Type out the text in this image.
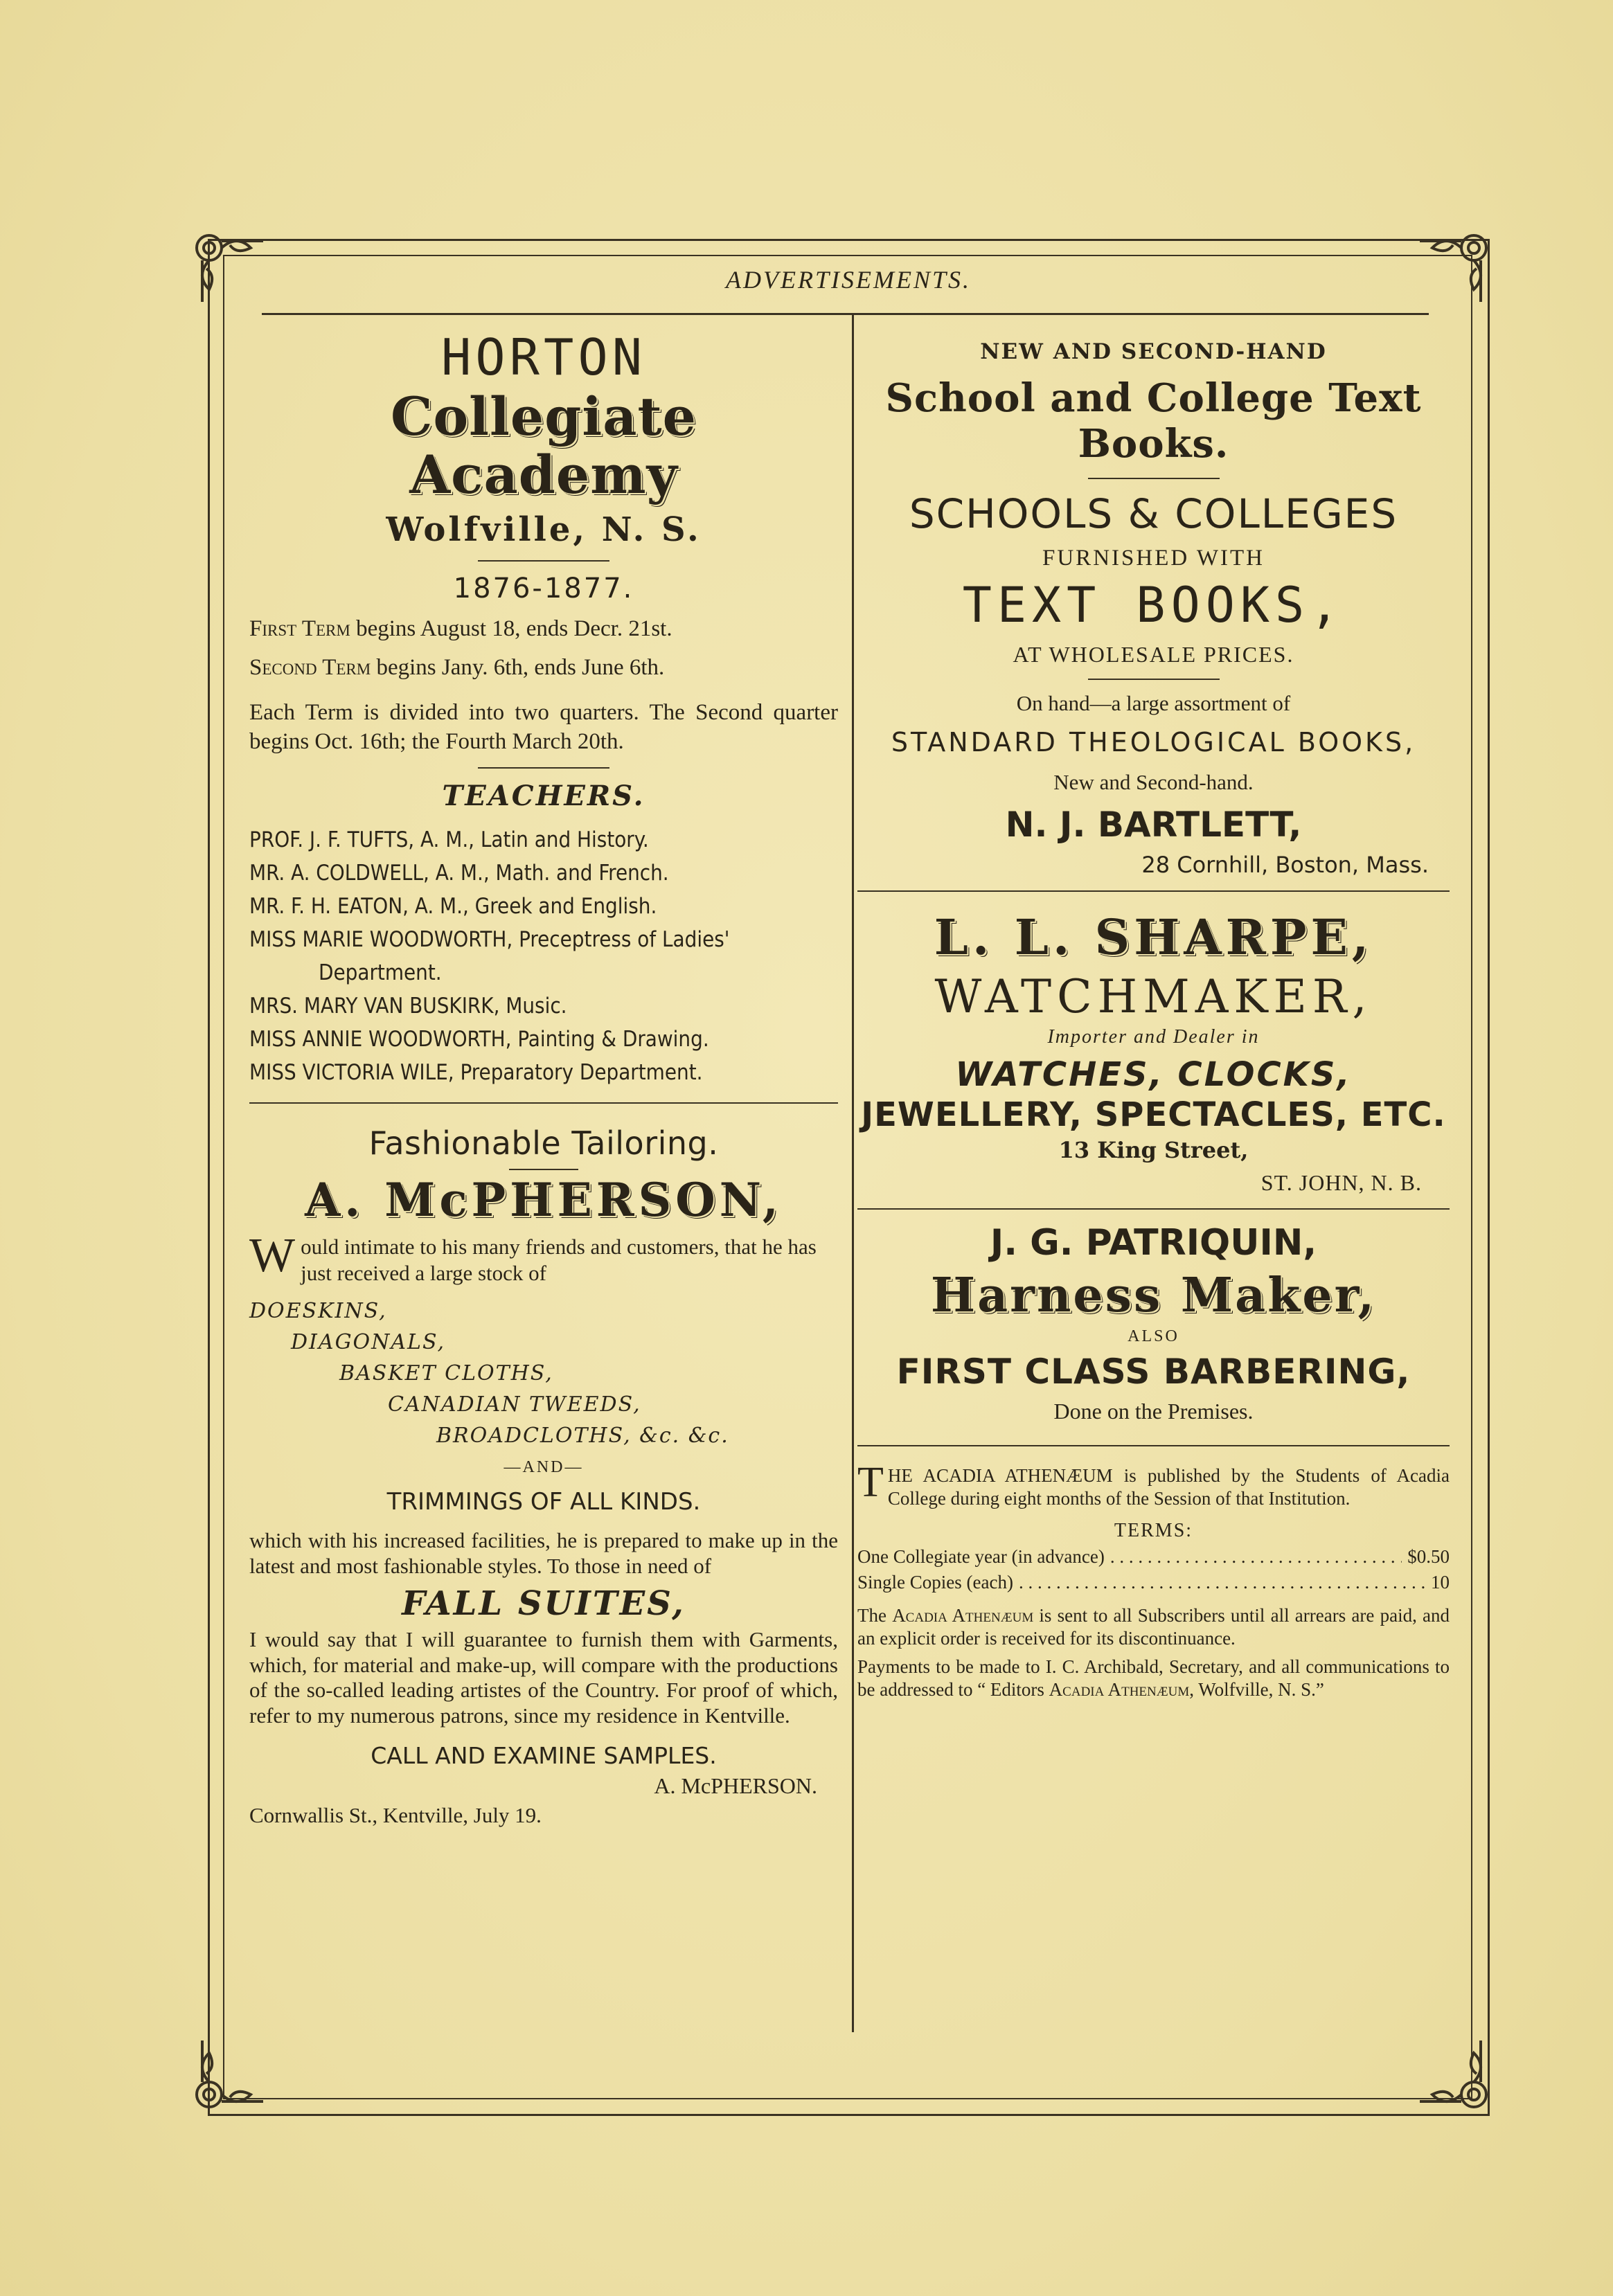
ADVERTISEMENTS.
HORTON
Collegiate Academy
Wolfville, N. S.
1876-1877.

First Term begins August 18, ends Decr. 21st.

Second Term begins Jany. 6th, ends June 6th.

Each Term is divided into two quarters. The Second quarter begins Oct. 16th; the Fourth March 20th.

TEACHERS.
PROF. J. F. TUFTS, A. M., Latin and History.
MR. A. COLDWELL, A. M., Math. and French.
MR. F. H. EATON, A. M., Greek and English.
MISS MARIE WOODWORTH, Preceptress of Ladies'
Department.
MRS. MARY VAN BUSKIRK, Music.
MISS ANNIE WOODWORTH, Painting & Drawing.
MISS VICTORIA WILE, Preparatory Department.
Fashionable Tailoring.
A. McPHERSON,
Would intimate to his many friends and customers, that he has just received a large stock of
DOESKINS,
DIAGONALS,
BASKET CLOTHS,
CANADIAN TWEEDS,
BROADCLOTHS, &c. &c.
—AND—
TRIMMINGS OF ALL KINDS.
which with his increased facilities, he is prepared to make up in the latest and most fashionable styles. To those in need of
FALL SUITES,
I would say that I will guarantee to furnish them with Garments, which, for material and make-up, will compare with the productions of the so-called leading artistes of the Country. For proof of which, refer to my numerous patrons, since my residence in Kentville.
CALL AND EXAMINE SAMPLES.
A. McPHERSON.
Cornwallis St., Kentville, July 19.
NEW AND SECOND-HAND
School and College Text Books.
SCHOOLS & COLLEGES
FURNISHED WITH
TEXT BOOKS,
AT WHOLESALE PRICES.
On hand—a large assortment of
STANDARD THEOLOGICAL BOOKS,
New and Second-hand.
N. J. BARTLETT,
28 Cornhill, Boston, Mass.
L. L. SHARPE,
WATCHMAKER,
Importer and Dealer in
WATCHES, CLOCKS,
JEWELLERY, SPECTACLES, ETC.
13 King Street,
ST. JOHN, N. B.
J. G. PATRIQUIN,
Harness Maker,
ALSO
FIRST CLASS BARBERING,
Done on the Premises.
THE ACADIA ATHENÆUM is published by the Students of Acadia College during eight months of the Session of that Institution.
TERMS:
One Collegiate year (in advance) . . .	$0.50
Single Copies (each) . . .	10
The Acadia Athenæum is sent to all Subscribers until all arrears are paid, and an explicit order is received for its discontinuance.
Payments to be made to I. C. Archibald, Secretary, and all communications to be addressed to “ Editors Acadia Athenæum, Wolfville, N. S.”
